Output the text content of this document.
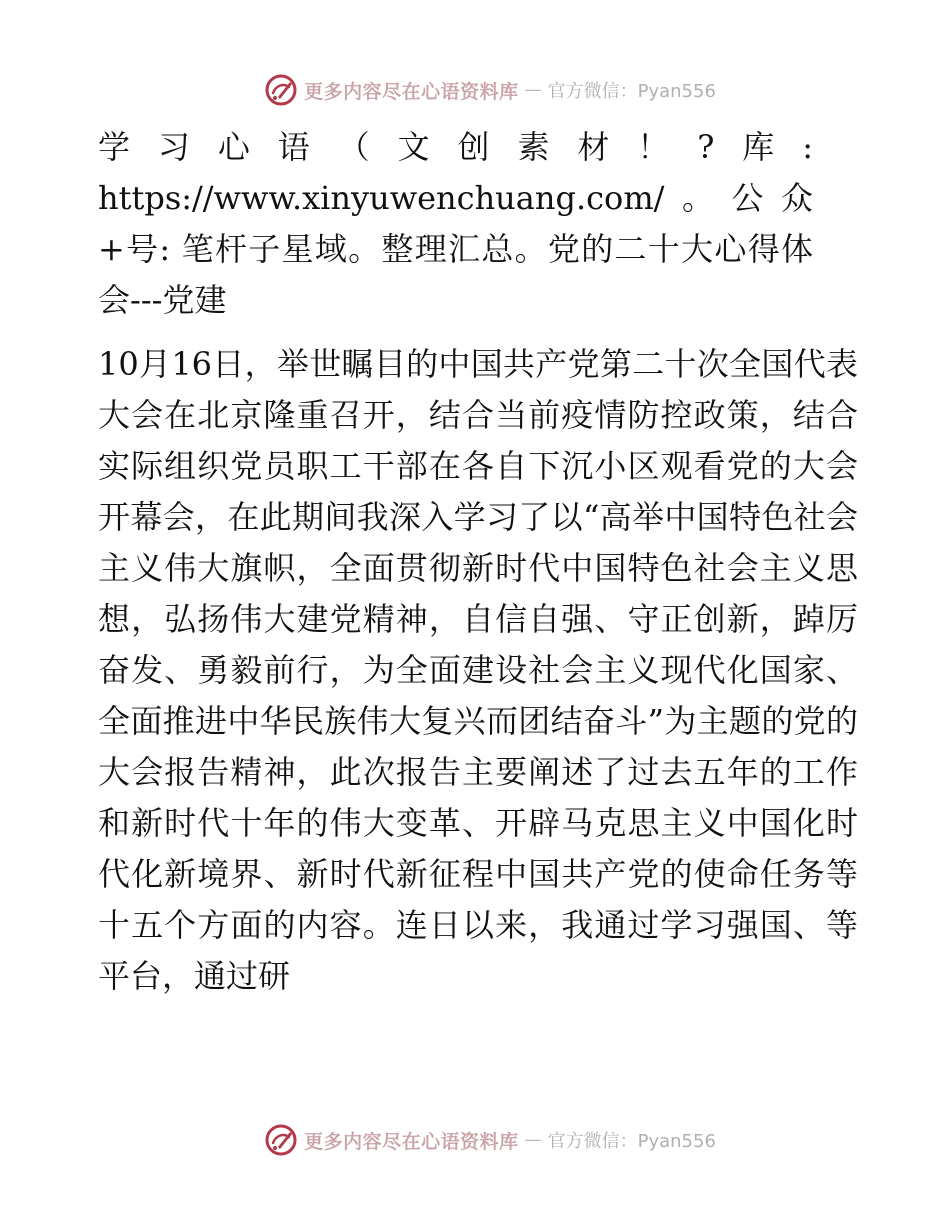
更多内容尽在心语资料库 — 官方微信：Pyan556

学习心语（文创素材！?库: https://www.xinyuwenchuang.com/。公众+号: 笔杆子星域。整理汇总。党的二十大心得体会---党建

10月16日，举世瞩目的中国共产党第二十次全国代表大会在北京隆重召开，结合当前疫情防控政策，结合实际组织党员职工干部在各自下沉小区观看党的大会开幕会，在此期间我深入学习了以“高举中国特色社会主义伟大旗帜，全面贯彻新时代中国特色社会主义思想，弘扬伟大建党精神，自信自强、守正创新，踔厉奋发、勇毅前行，为全面建设社会主义现代化国家、全面推进中华民族伟大复兴而团结奋斗”为主题的党的大会报告精神，此次报告主要阐述了过去五年的工作和新时代十年的伟大变革、开辟马克思主义中国化时代化新境界、新时代新征程中国共产党的使命任务等十五个方面的内容。连日以来，我通过学习强国、等平台，通过研

更多内容尽在心语资料库 — 官方微信：Pyan556
